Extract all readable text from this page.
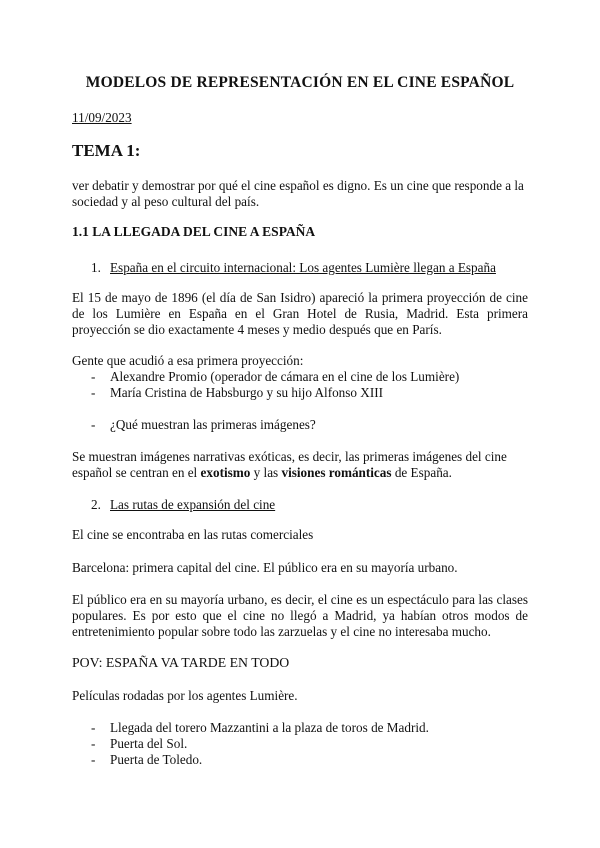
MODELOS DE REPRESENTACIÓN EN EL CINE ESPAÑOL
11/09/2023
TEMA 1:
ver debatir y demostrar por qué el cine español es digno. Es un cine que responde a la sociedad y al peso cultural del país.
1.1 LA LLEGADA DEL CINE A ESPAÑA
1. España en el circuito internacional: Los agentes Lumière llegan a España
El 15 de mayo de 1896 (el día de San Isidro) apareció la primera proyección de cine de los Lumière en España en el Gran Hotel de Rusia, Madrid. Esta primera proyección se dio exactamente 4 meses y medio después que en París.
Gente que acudió a esa primera proyección:
-	Alexandre Promio (operador de cámara en el cine de los Lumière)
-	María Cristina de Habsburgo y su hijo Alfonso XIII
-	¿Qué muestran las primeras imágenes?
Se muestran imágenes narrativas exóticas, es decir, las primeras imágenes del cine español se centran en el exotismo y las visiones románticas de España.
2. Las rutas de expansión del cine
El cine se encontraba en las rutas comerciales
Barcelona: primera capital del cine. El público era en su mayoría urbano.
El público era en su mayoría urbano, es decir, el cine es un espectáculo para las clases populares. Es por esto que el cine no llegó a Madrid, ya habían otros modos de entretenimiento popular sobre todo las zarzuelas y el cine no interesaba mucho.
POV: ESPAÑA VA TARDE EN TODO
Películas rodadas por los agentes Lumière.
-	Llegada del torero Mazzantini a la plaza de toros de Madrid.
-	Puerta del Sol.
-	Puerta de Toledo.
